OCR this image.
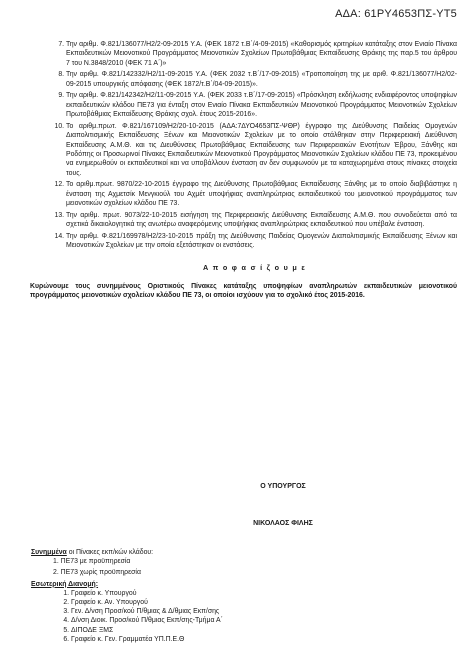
ΑΔΑ: 61ΡΥ4653ΠΣ-ΥΤ5
7. Την αριθμ. Φ.821/136077/Η2/2-09-2015 Υ.Α. (ΦΕΚ 1872 τ.Β΄/4-09-2015) «Καθορισμός κριτηρίων κατάταξης στον Ενιαίο Πίνακα Εκπαιδευτικών Μειονοτικού Προγράμματος Μειονοτικών Σχολείων Πρωτοβάθμιας Εκπαίδευσης Θράκης της παρ.5 του άρθρου 7 του Ν.3848/2010 (ΦΕΚ 71 Α΄)»
8. Την αριθμ. Φ.821/142332/Η2/11-09-2015 Υ.Α. (ΦΕΚ 2032 τ.Β΄/17-09-2015) «Τροποποίηση της με αριθ. Φ.821/136077/Η2/02-09-2015 υπουργικής απόφασης (ΦΕΚ 1872/τ.Β΄/04-09-2015)».
9. Την αριθμ. Φ.821/142342/Η2/11-09-2015 Υ.Α. (ΦΕΚ 2033 τ.Β΄/17-09-2015) «Πρόσκληση εκδήλωσης ενδιαφέροντος υποψηφίων εκπαιδευτικών κλάδου ΠΕ73 για ένταξη στον Ενιαίο Πίνακα Εκπαιδευτικών Μειονοτικού Προγράμματος Μειονοτικών Σχολείων Πρωτοβάθμιας Εκπαίδευσης Θράκης σχολ. έτους 2015-2016».
10. Το αριθμ.πρωτ. Φ.821/167109/Η2/20-10-2015 (ΑΔΑ:7ΔΥΟ4653ΠΣ-ΨΘΡ) έγγραφο της Διεύθυνσης Παιδείας Ομογενών Διαπολιτισμικής Εκπαίδευσης Ξένων και Μειονοτικών Σχολείων με το οποίο στάλθηκαν στην Περιφερειακή Διεύθυνση Εκπαίδευσης Α.Μ.Θ. και τις Διευθύνσεις Πρωτοβάθμιας Εκπαίδευσης των Περιφερειακών Ενοτήτων Έβρου, Ξάνθης και Ροδόπης οι Προσωρινοί Πίνακες Εκπαιδευτικών Μειονοτικού Προγράμματος Μειονοτικών Σχολείων κλάδου ΠΕ 73, προκειμένου να ενημερωθούν οι εκπαιδευτικοί και να υποβάλλουν ένσταση αν δεν συμφωνούν με τα καταχωρημένα στους πίνακες στοιχεία τους.
12. Το αριθμ.πρωτ. 9870/22-10-2015 έγγραφο της Διεύθυνσης Πρωτοβάθμιας Εκπαίδευσης Ξάνθης με το οποίο διαβιβάστηκε η ένσταση της Αχμετσίκ Μενγκιούλ του Αχμέτ υποψήφιας αναπληρώτριας εκπαιδευτικού του μειονοτικού προγράμματος των μειονοτικών σχολείων κλάδου ΠΕ 73.
13. Την αριθμ. πρωτ. 9073/22-10-2015 εισήγηση της Περιφερειακής Διεύθυνσης Εκπαίδευσης Α.Μ.Θ. που συνοδεύεται από τα σχετικά δικαιολογητικά της ανωτέρω αναφερόμενης υποψήφιας αναπληρώτριας εκπαιδευτικού που υπέβαλε ένσταση.
14. Την αριθμ. Φ.821/169978/Η2/23-10-2015 πράξη της Διεύθυνσης Παιδείας Ομογενών Διαπολιτισμικής Εκπαίδευσης Ξένων και Μειονοτικών Σχολείων με την οποία εξετάστηκαν οι ενστάσεις.
Α π ο φ α σ ί ζ ο υ μ ε
Κυρώνουμε τους συνημμένους Οριστικούς Πίνακες κατάταξης υποψηφίων αναπληρωτών εκπαιδευτικών μειονοτικού προγράμματος μειονοτικών σχολείων κλάδου ΠΕ 73, οι οποίοι ισχύουν για το σχολικό έτος 2015-2016.
Ο ΥΠΟΥΡΓΟΣ
ΝΙΚΟΛΑΟΣ ΦΙΛΗΣ
Συνημμένα οι Πίνακες εκπ/κών κλάδου:
1. ΠΕ73 με προϋπηρεσία
2. ΠΕ73 χωρίς προϋπηρεσία
Εσωτερική Διανομή:
1. Γραφείο κ. Υπουργού
2. Γραφείο κ. Αν. Υπουργού
3. Γεν. Δ/νση Προσ/κού Π/θμιας & Δ/θμιας Εκπ/σης
4. Δ/νση Διοικ. Προσ/κού Π/θμιας Εκπ/σης-Τμήμα Α΄
5. ΔΙΠΟΔΕ ΞΜΣ
6. Γραφείο κ. Γεν. Γραμματέα ΥΠ.Π.Ε.Θ
